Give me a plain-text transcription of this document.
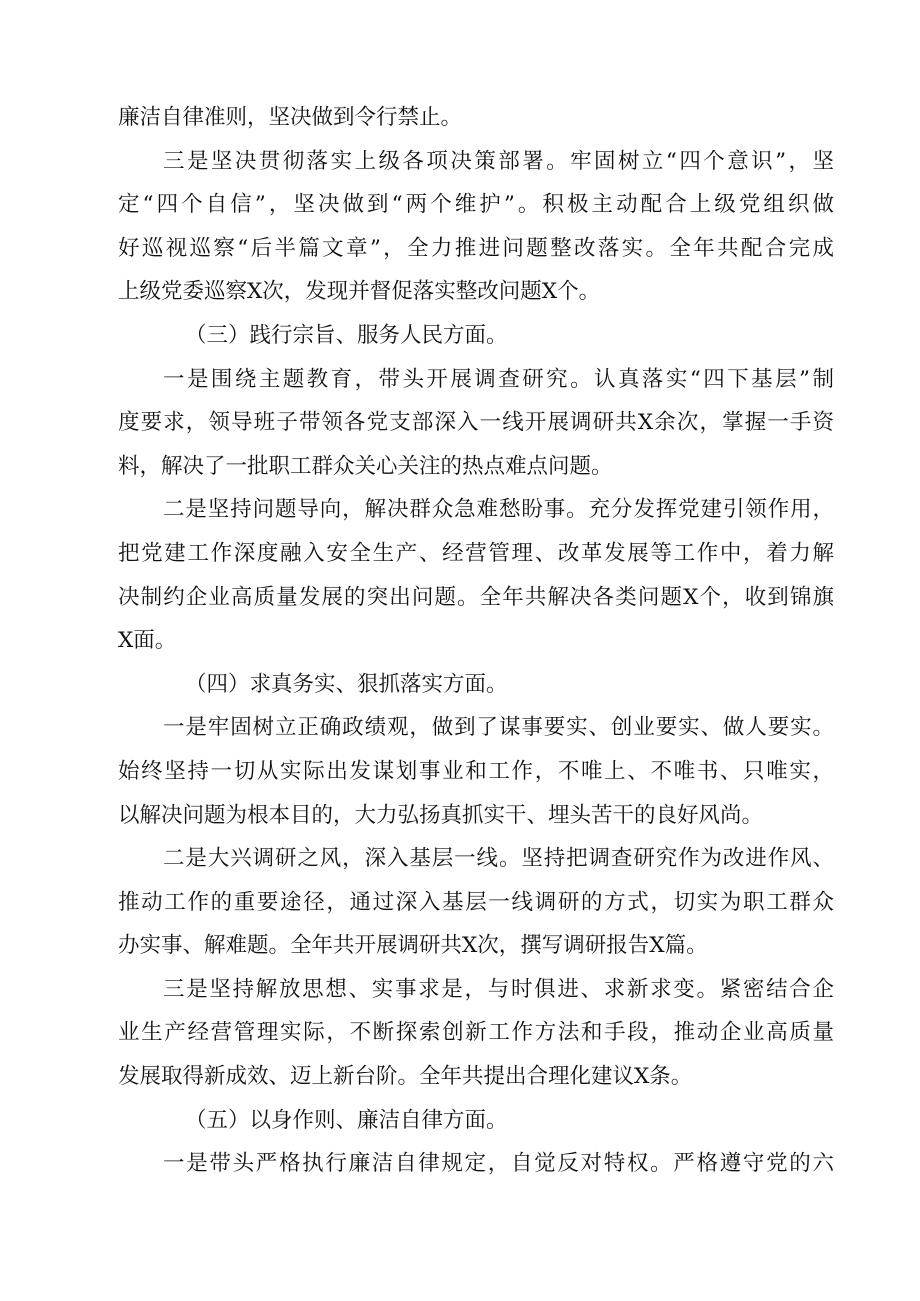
廉洁自律准则，坚决做到令行禁止。
三是坚决贯彻落实上级各项决策部署。牢固树立“四个意识”，坚
定“四个自信”，坚决做到“两个维护”。积极主动配合上级党组织做
好巡视巡察“后半篇文章”，全力推进问题整改落实。全年共配合完成
上级党委巡察X次，发现并督促落实整改问题X个。
（三）践行宗旨、服务人民方面。
一是围绕主题教育，带头开展调查研究。认真落实“四下基层”制
度要求，领导班子带领各党支部深入一线开展调研共X余次，掌握一手资
料，解决了一批职工群众关心关注的热点难点问题。
二是坚持问题导向，解决群众急难愁盼事。充分发挥党建引领作用，
把党建工作深度融入安全生产、经营管理、改革发展等工作中，着力解
决制约企业高质量发展的突出问题。全年共解决各类问题X个，收到锦旗
X面。
（四）求真务实、狠抓落实方面。
一是牢固树立正确政绩观，做到了谋事要实、创业要实、做人要实。
始终坚持一切从实际出发谋划事业和工作，不唯上、不唯书、只唯实，
以解决问题为根本目的，大力弘扬真抓实干、埋头苦干的良好风尚。
二是大兴调研之风，深入基层一线。坚持把调查研究作为改进作风、
推动工作的重要途径，通过深入基层一线调研的方式，切实为职工群众
办实事、解难题。全年共开展调研共X次，撰写调研报告X篇。
三是坚持解放思想、实事求是，与时俱进、求新求变。紧密结合企
业生产经营管理实际，不断探索创新工作方法和手段，推动企业高质量
发展取得新成效、迈上新台阶。全年共提出合理化建议X条。
（五）以身作则、廉洁自律方面。
一是带头严格执行廉洁自律规定，自觉反对特权。严格遵守党的六
